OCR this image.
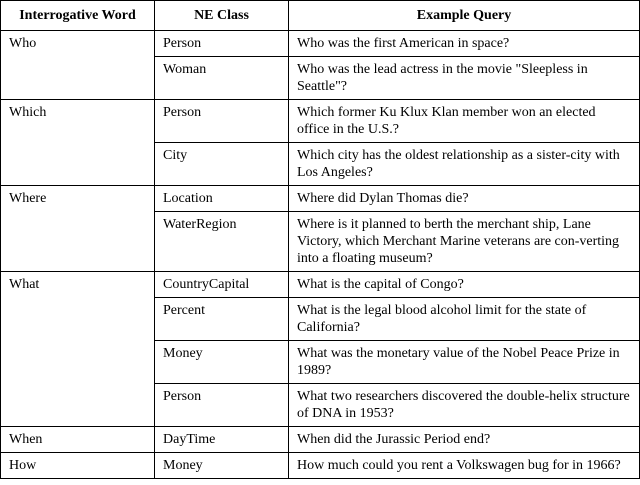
Interrogative Word	NE Class	Example Query
Who	Person	Who was the first American in space?
	Woman	Who was the lead actress in the movie "Sleepless in Seattle"?
Which	Person	Which former Ku Klux Klan member won an elected office in the U.S.?
	City	Which city has the oldest relationship as a sister-city with Los Angeles?
Where	Location	Where did Dylan Thomas die?
	WaterRegion	Where is it planned to berth the merchant ship, Lane Victory, which Merchant Marine veterans are con-verting into a floating museum?
What	CountryCapital	What is the capital of Congo?
	Percent	What is the legal blood alcohol limit for the state of California?
	Money	What was the monetary value of the Nobel Peace Prize in 1989?
	Person	What two researchers discovered the double-helix structure of DNA in 1953?
When	DayTime	When did the Jurassic Period end?
How	Money	How much could you rent a Volkswagen bug for in 1966?
